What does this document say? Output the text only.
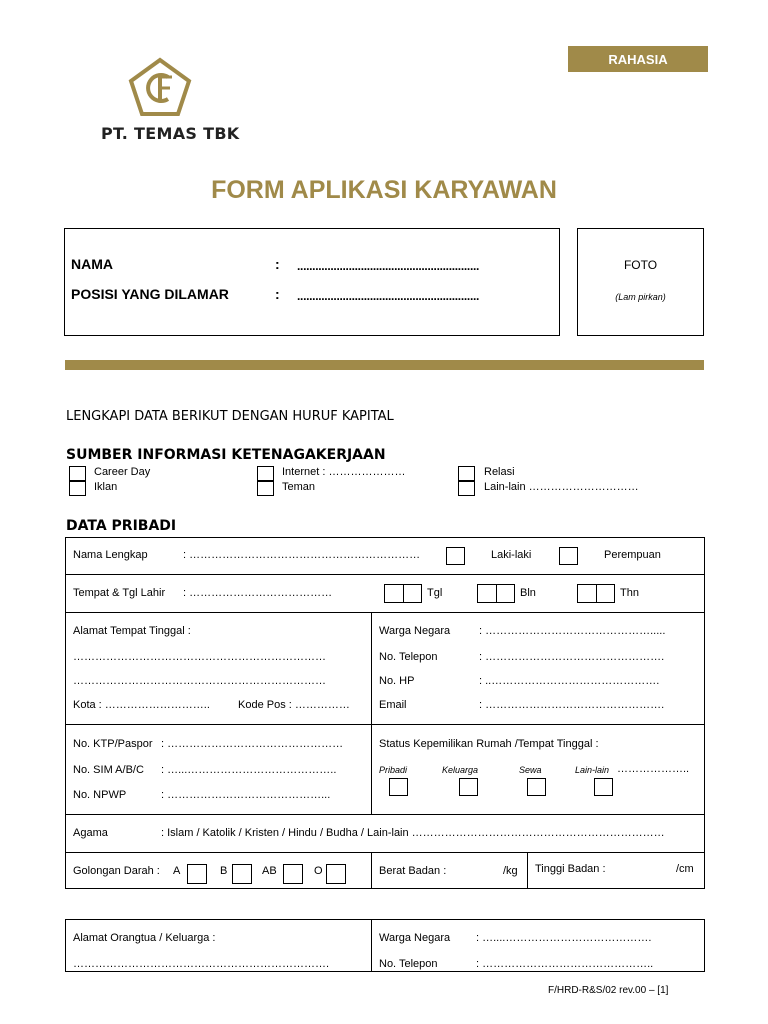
PT. TEMAS TBK
RAHASIA
FORM APLIKASI KARYAWAN
NAMA	: ............................................................
POSISI YANG DILAMAR	: ............................................................
FOTO
(Lam pirkan)
LENGKAPI DATA BERIKUT DENGAN HURUF KAPITAL
SUMBER INFORMASI KETENAGAKERJAAN
Career Day
Iklan
Internet : …………………
Teman
Relasi
Lain-lain …………………………
DATA PRIBADI
Nama Lengkap	: ………………………………………………………	Laki-laki	Perempuan
Tempat & Tgl Lahir : …………………………………	Tgl	Bln	Thn
Alamat Tempat Tinggal :
……………………………………………………………
……………………………………………………………
Kota : ………………………..	Kode Pos : ……………
Warga Negara	: ……………………………………….....
No. Telepon	: ………………………………………….
No. HP	: ..……………………………………….
Email	: ………………………………………….
No. KTP/Paspor : …………………………………………
No. SIM A/B/C : …...…………………………………..
No. NPWP	: ……………………………………...
Status Kepemilikan Rumah /Tempat Tinggal :
Pribadi	Keluarga	Sewa	Lain-lain ………………..
Agama	: Islam / Katolik / Kristen / Hindu / Budha / Lain-lain ……………………………………………………………
Golongan Darah : A	B	AB	O	Berat Badan :	/kg Tinggi Badan :	/cm
Alamat Orangtua / Keluarga :
…………………………………………………………….
Warga Negara : …....………………………………….
No. Telepon	: ………………………………………..
F/HRD-R&S/02 rev.00 – [1]
